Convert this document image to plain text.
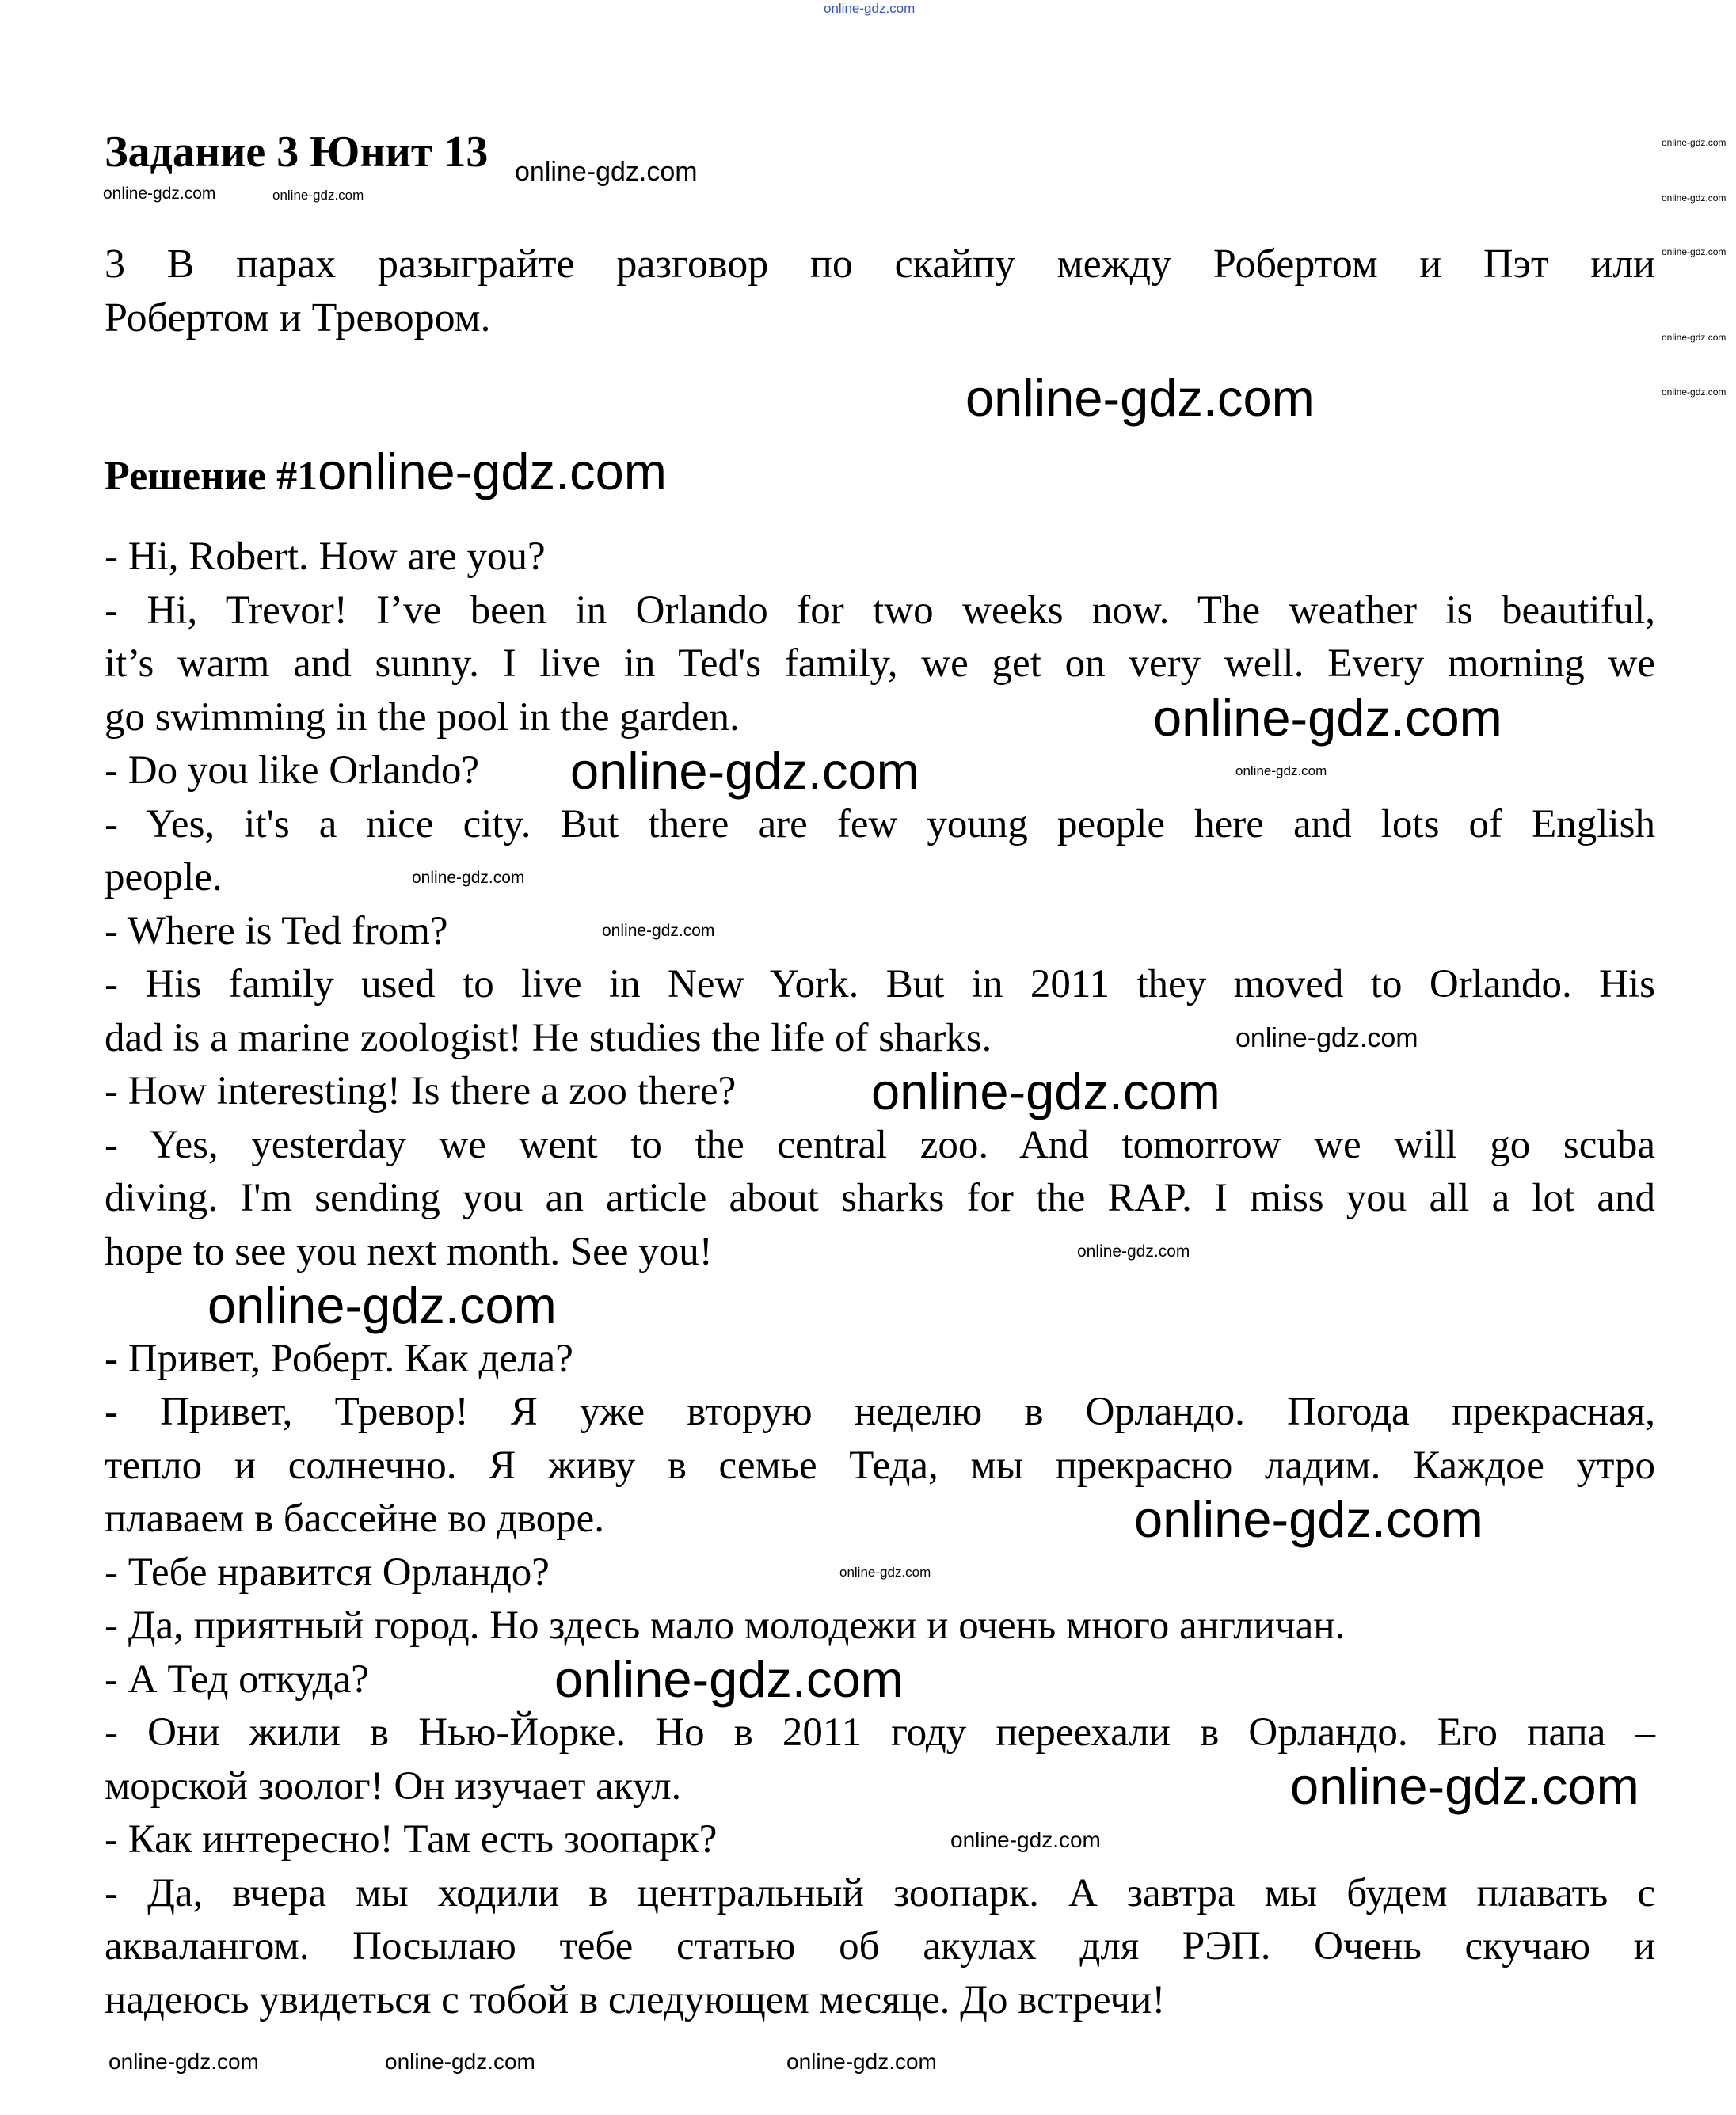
online-gdz.com
Задание 3 Юнит 13
3 В парах разыграйте разговор по скайпу между Робертом и Пэт или
Робертом и Тревором.
Решение #1online-gdz.com
- Hi, Robert. How are you?
- Hi, Trevor! I’ve been in Orlando for two weeks now. The weather is beautiful,
it’s warm and sunny. I live in Ted's family, we get on very well. Every morning we
go swimming in the pool in the garden.
- Do you like Orlando?
- Yes, it's a nice city. But there are few young people here and lots of English
people.
- Where is Ted from?
- His family used to live in New York. But in 2011 they moved to Orlando. His
dad is a marine zoologist! He studies the life of sharks.
- How interesting! Is there a zoo there?
- Yes, yesterday we went to the central zoo. And tomorrow we will go scuba
diving. I'm sending you an article about sharks for the RAP. I miss you all a lot and
hope to see you next month. See you!
- Привет, Роберт. Как дела?
- Привет, Тревор! Я уже вторую неделю в Орландо. Погода прекрасная,
тепло и солнечно. Я живу в семье Теда, мы прекрасно ладим. Каждое утро
плаваем в бассейне во дворе.
- Тебе нравится Орландо?
- Да, приятный город. Но здесь мало молодежи и очень много англичан.
- А Тед откуда?
- Они жили в Нью-Йорке. Но в 2011 году переехали в Орландо. Его папа –
морской зоолог! Он изучает акул.
- Как интересно! Там есть зоопарк?
- Да, вчера мы ходили в центральный зоопарк. А завтра мы будем плавать с
аквалангом. Посылаю тебе статью об акулах для РЭП. Очень скучаю и
надеюсь увидеться с тобой в следующем месяце. До встречи!
online-gdz.com	online-gdz.com
online-gdz.com
online-gdz.com
online-gdz.com
online-gdz.com
online-gdz.com
online-gdz.com
online-gdz.com
online-gdz.com
online-gdz.com
online-gdz.com
online-gdz.com
online-gdz.com
online-gdz.com
online-gdz.com
online-gdz.com
online-gdz.com
online-gdz.com
online-gdz.com
online-gdz.com
online-gdz.com
online-gdz.com
online-gdz.com	online-gdz.com	online-gdz.com
